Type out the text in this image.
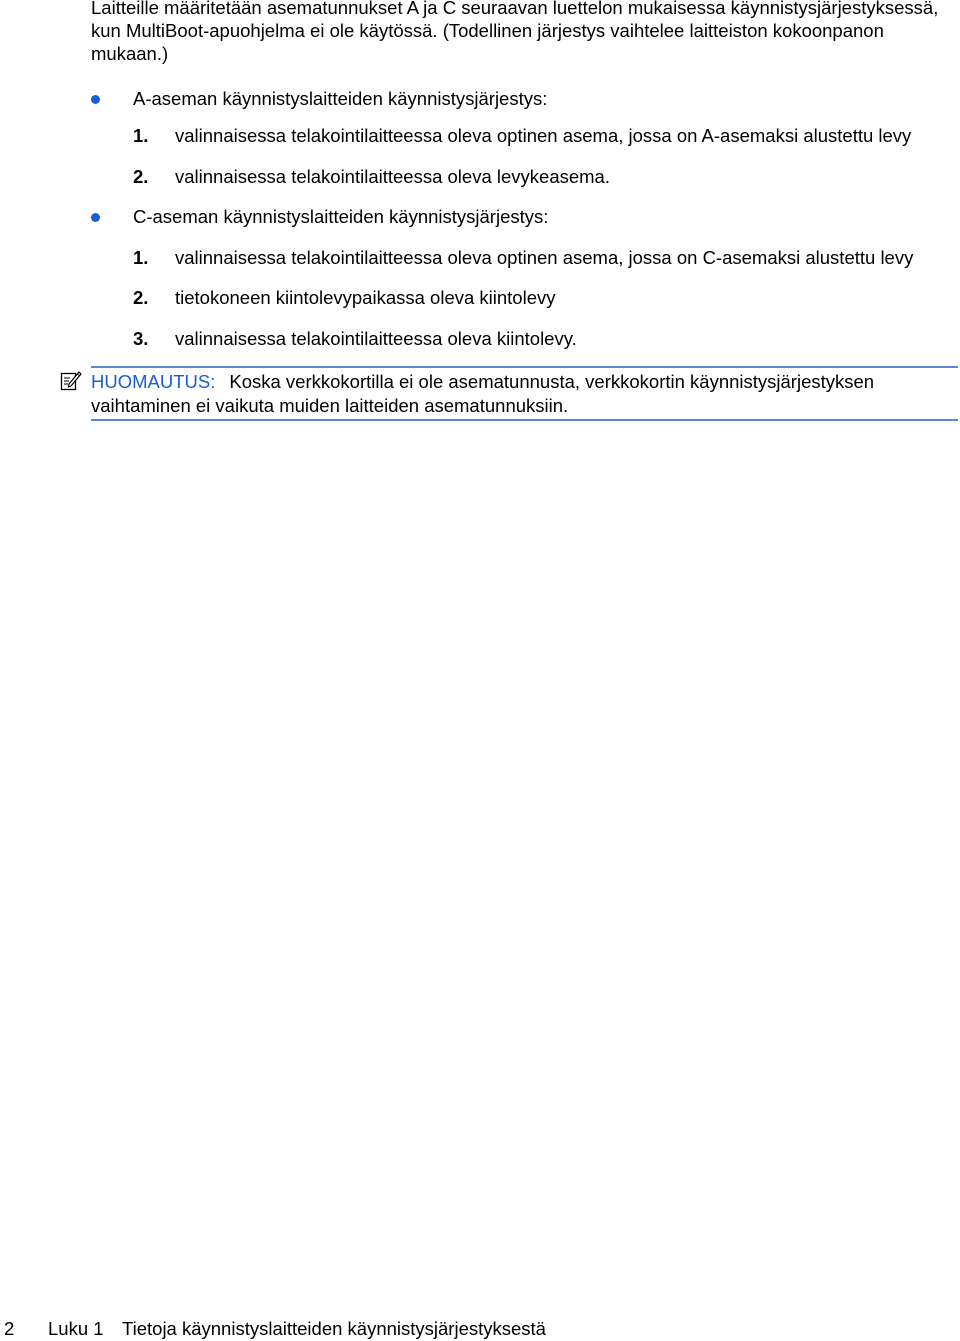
Laitteille määritetään asematunnukset A ja C seuraavan luettelon mukaisessa käynnistysjärjestyksessä, kun MultiBoot-apuohjelma ei ole käytössä. (Todellinen järjestys vaihtelee laitteiston kokoonpanon mukaan.)

A-aseman käynnistyslaitteiden käynnistysjärjestys:
1. valinnaisessa telakointilaitteessa oleva optinen asema, jossa on A-asemaksi alustettu levy
2. valinnaisessa telakointilaitteessa oleva levykeasema.
C-aseman käynnistyslaitteiden käynnistysjärjestys:
1. valinnaisessa telakointilaitteessa oleva optinen asema, jossa on C-asemaksi alustettu levy
2. tietokoneen kiintolevypaikassa oleva kiintolevy
3. valinnaisessa telakointilaitteessa oleva kiintolevy.
HUOMAUTUS: Koska verkkokortilla ei ole asematunnusta, verkkokortin käynnistysjärjestyksen vaihtaminen ei vaikuta muiden laitteiden asematunnuksiin.
2 Luku 1 Tietoja käynnistyslaitteiden käynnistysjärjestyksestä
